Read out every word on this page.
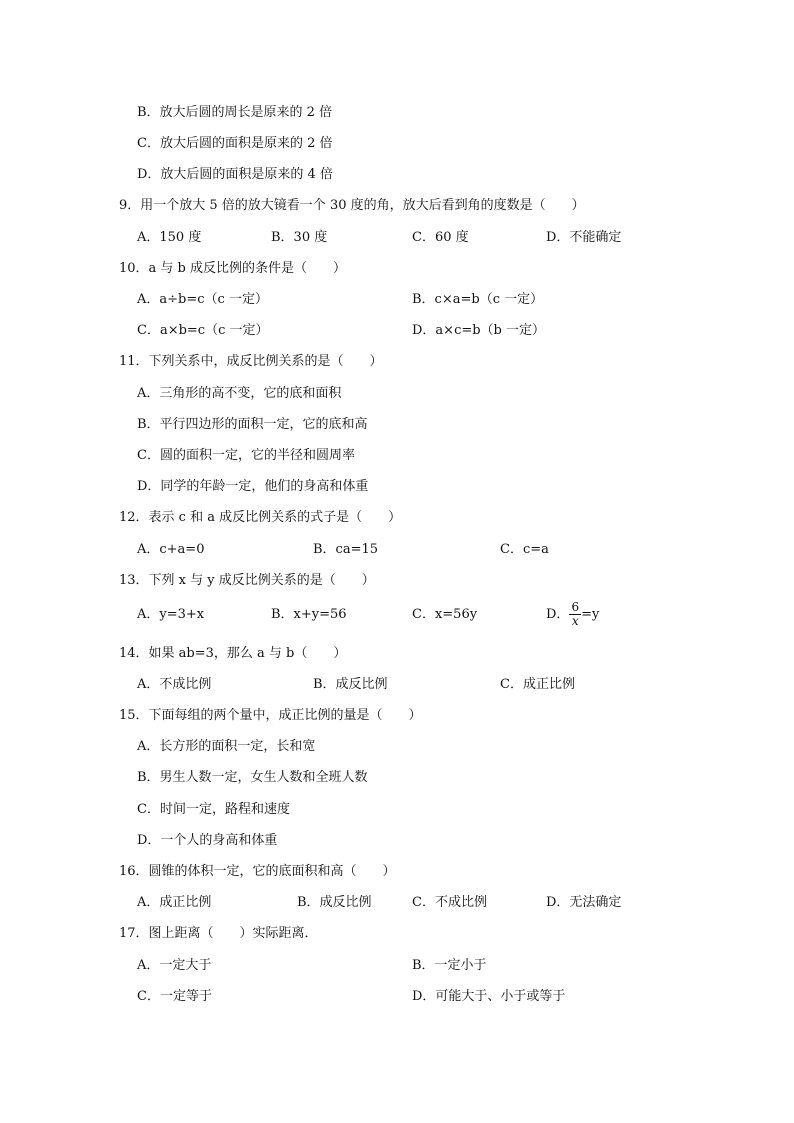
B．放大后圆的周长是原来的 2 倍
C．放大后圆的面积是原来的 2 倍
D．放大后圆的面积是原来的 4 倍
9．用一个放大 5 倍的放大镜看一个 30 度的角，放大后看到角的度数是（　　）
A．150 度	B．30 度	C．60 度	D．不能确定
10．a 与 b 成反比例的条件是（　　）
A．a÷b=c（c 一定）	B．c×a=b（c 一定）
C．a×b=c（c 一定）	D．a×c=b（b 一定）
11．下列关系中，成反比例关系的是（　　）
A．三角形的高不变，它的底和面积
B．平行四边形的面积一定，它的底和高
C．圆的面积一定，它的半径和圆周率
D．同学的年龄一定，他们的身高和体重
12．表示 c 和 a 成反比例关系的式子是（　　）
A．c+a=0	B．ca=15	C．c=a
13．下列 x 与 y 成反比例关系的是（　　）
A．y=3+x	B．x+y=56	C．x=56y	D． $\frac{6}{x} =y$
14．如果 ab=3，那么 a 与 b（　　）
A．不成比例	B．成反比例	C．成正比例
15．下面每组的两个量中，成正比例的量是（　　）
A．长方形的面积一定，长和宽
B．男生人数一定，女生人数和全班人数
C．时间一定，路程和速度
D．一个人的身高和体重
16．圆锥的体积一定，它的底面积和高（　　）
A．成正比例	B．成反比例	C．不成比例	D．无法确定
17．图上距离（　　）实际距离．
A．一定大于	B．一定小于
C．一定等于	D．可能大于、小于或等于
